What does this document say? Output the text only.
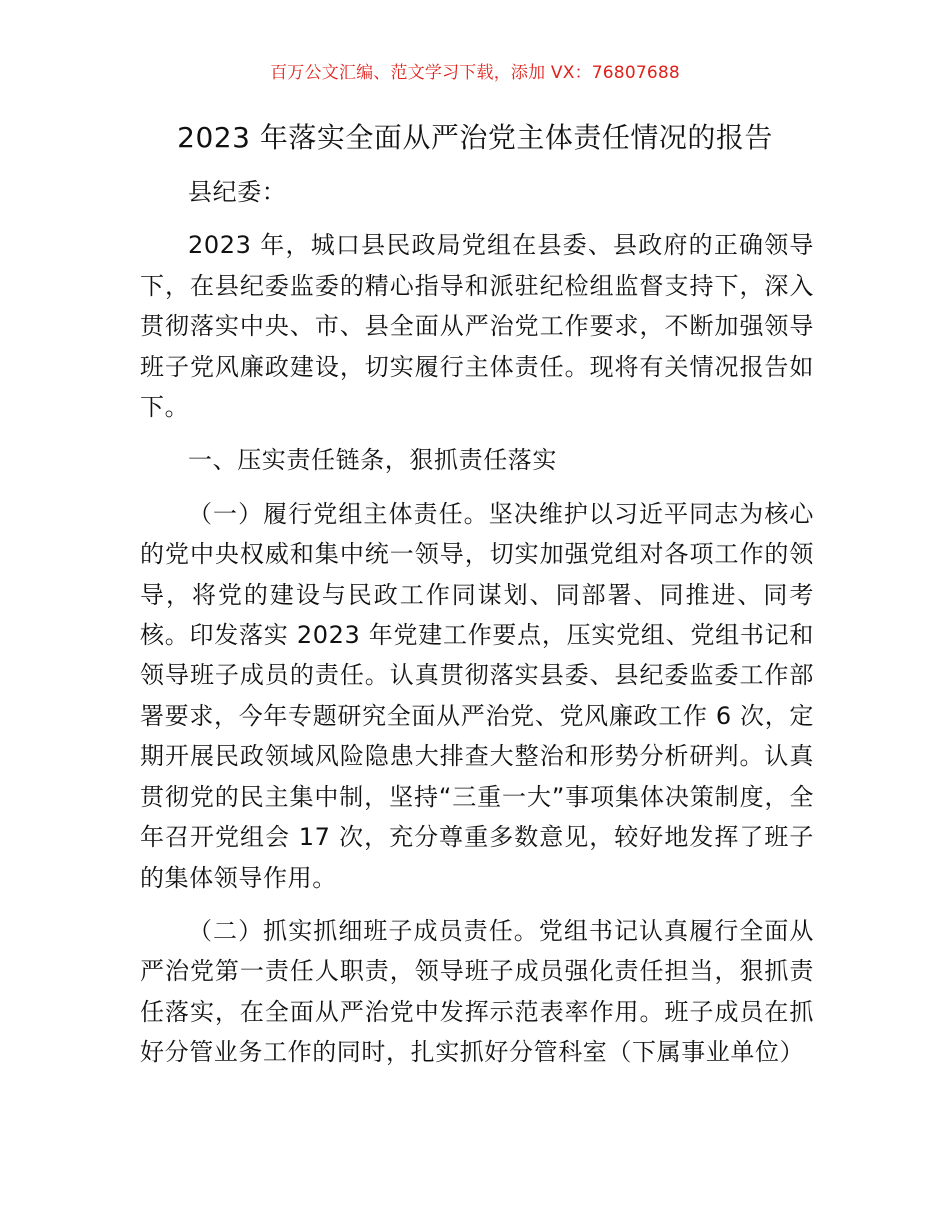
百万公文汇编、范文学习下载，添加 VX：76807688
2023 年落实全面从严治党主体责任情况的报告

县纪委：

2023 年，城口县民政局党组在县委、县政府的正确领导下，在县纪委监委的精心指导和派驻纪检组监督支持下，深入贯彻落实中央、市、县全面从严治党工作要求，不断加强领导班子党风廉政建设，切实履行主体责任。现将有关情况报告如下。

一、压实责任链条，狠抓责任落实

（一）履行党组主体责任。坚决维护以习近平同志为核心的党中央权威和集中统一领导，切实加强党组对各项工作的领导，将党的建设与民政工作同谋划、同部署、同推进、同考核。印发落实 2023 年党建工作要点，压实党组、党组书记和领导班子成员的责任。认真贯彻落实县委、县纪委监委工作部署要求，今年专题研究全面从严治党、党风廉政工作 6 次，定期开展民政领域风险隐患大排查大整治和形势分析研判。认真贯彻党的民主集中制，坚持“三重一大”事项集体决策制度，全年召开党组会 17 次，充分尊重多数意见，较好地发挥了班子的集体领导作用。

（二）抓实抓细班子成员责任。党组书记认真履行全面从严治党第一责任人职责，领导班子成员强化责任担当，狠抓责任落实，在全面从严治党中发挥示范表率作用。班子成员在抓好分管业务工作的同时，扎实抓好分管科室（下属事业单位）
